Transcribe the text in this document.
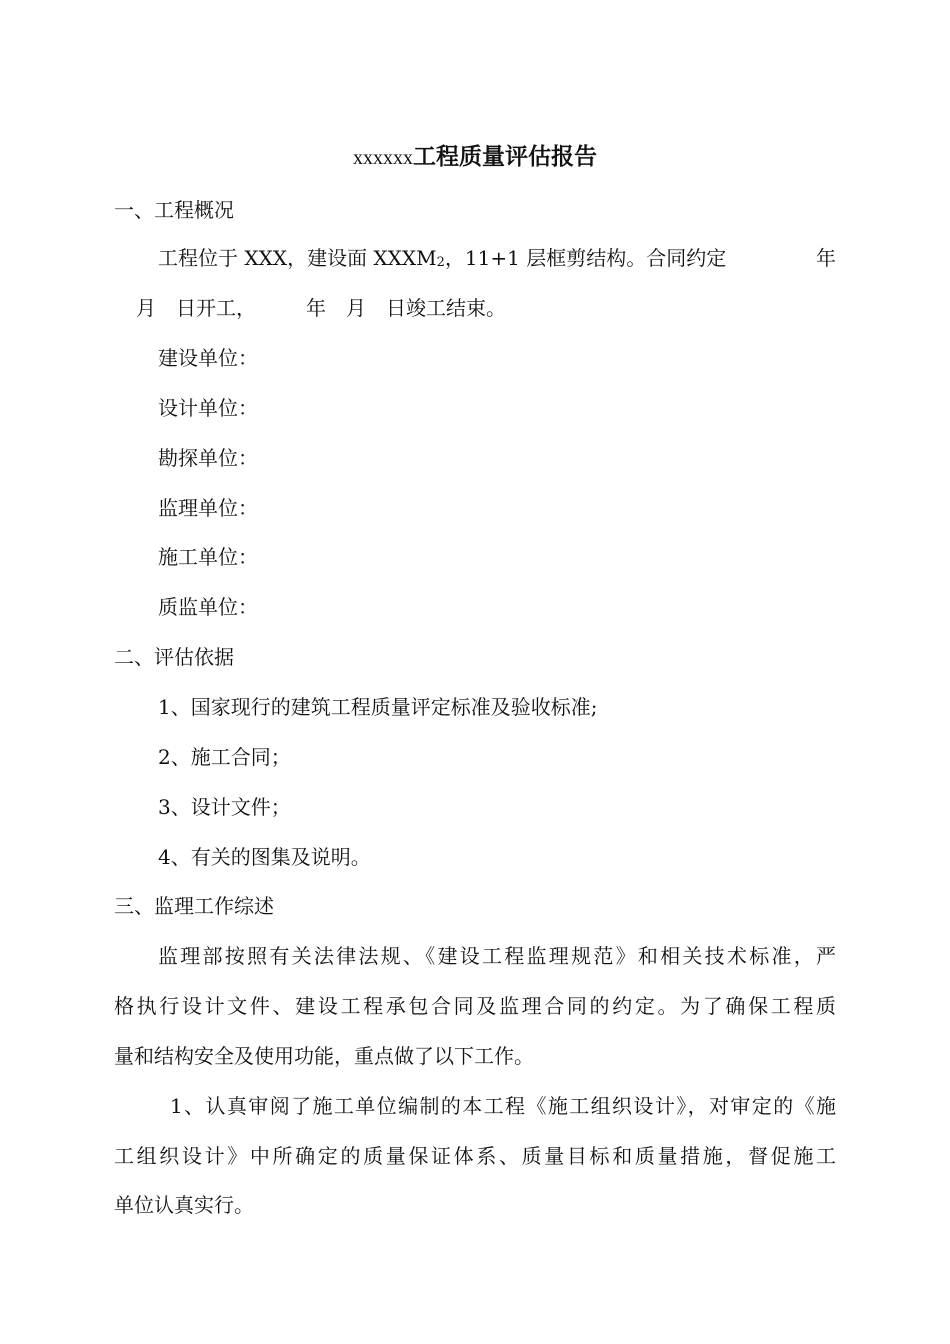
xxxxxx工程质量评估报告
一、工程概况
工程位于 XXX，建设面 $XXXM_2$，11+1 层框剪结构。合同约定	年
月　日开工，　　　年　月　日竣工结束。
建设单位：
设计单位：
勘探单位：
监理单位：
施工单位：
质监单位：
二、评估依据
1、国家现行的建筑工程质量评定标准及验收标准;
2、施工合同；
3、设计文件；
4、有关的图集及说明。
三、监理工作综述
监理部按照有关法律法规、《建设工程监理规范》和相关技术标准，严
格执行设计文件、建设工程承包合同及监理合同的约定。为了确保工程质
量和结构安全及使用功能，重点做了以下工作。
1、认真审阅了施工单位编制的本工程《施工组织设计》，对审定的《施
工组织设计》中所确定的质量保证体系、质量目标和质量措施，督促施工
单位认真实行。
